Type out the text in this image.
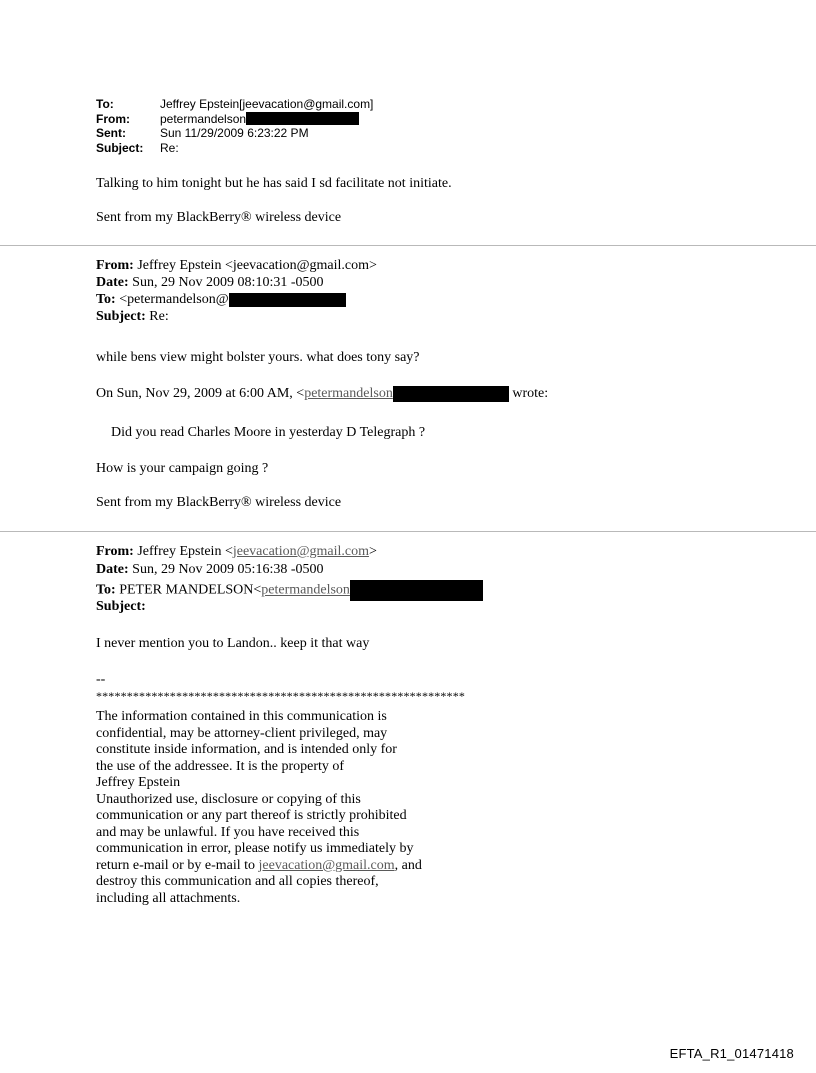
To:	Jeffrey Epstein[jeevacation@gmail.com]
From:	petermandelson
Sent:	Sun 11/29/2009 6:23:22 PM
Subject:	Re:
Talking to him tonight but he has said I sd facilitate not initiate.
Sent from my BlackBerry® wireless device
From: Jeffrey Epstein <jeevacation@gmail.com>
Date: Sun, 29 Nov 2009 08:10:31 -0500
To: <petermandelson@
Subject: Re:
while bens view might bolster yours. what does tony say?
On Sun, Nov 29, 2009 at 6:00 AM, <petermandelson	wrote:
Did you read Charles Moore in yesterday D Telegraph ?
How is your campaign going ?
Sent from my BlackBerry® wireless device
From: Jeffrey Epstein <jeevacation@gmail.com>
Date: Sun, 29 Nov 2009 05:16:38 -0500
To: PETER MANDELSON<petermandelson
Subject:
I never mention you to Landon.. keep it that way
--
************************************************************
The information contained in this communication is
confidential, may be attorney-client privileged, may
constitute inside information, and is intended only for
the use of the addressee. It is the property of
Jeffrey Epstein
Unauthorized use, disclosure or copying of this
communication or any part thereof is strictly prohibited
and may be unlawful. If you have received this
communication in error, please notify us immediately by
return e-mail or by e-mail to jeevacation@gmail.com, and
destroy this communication and all copies thereof,
including all attachments.
EFTA_R1_01471418
